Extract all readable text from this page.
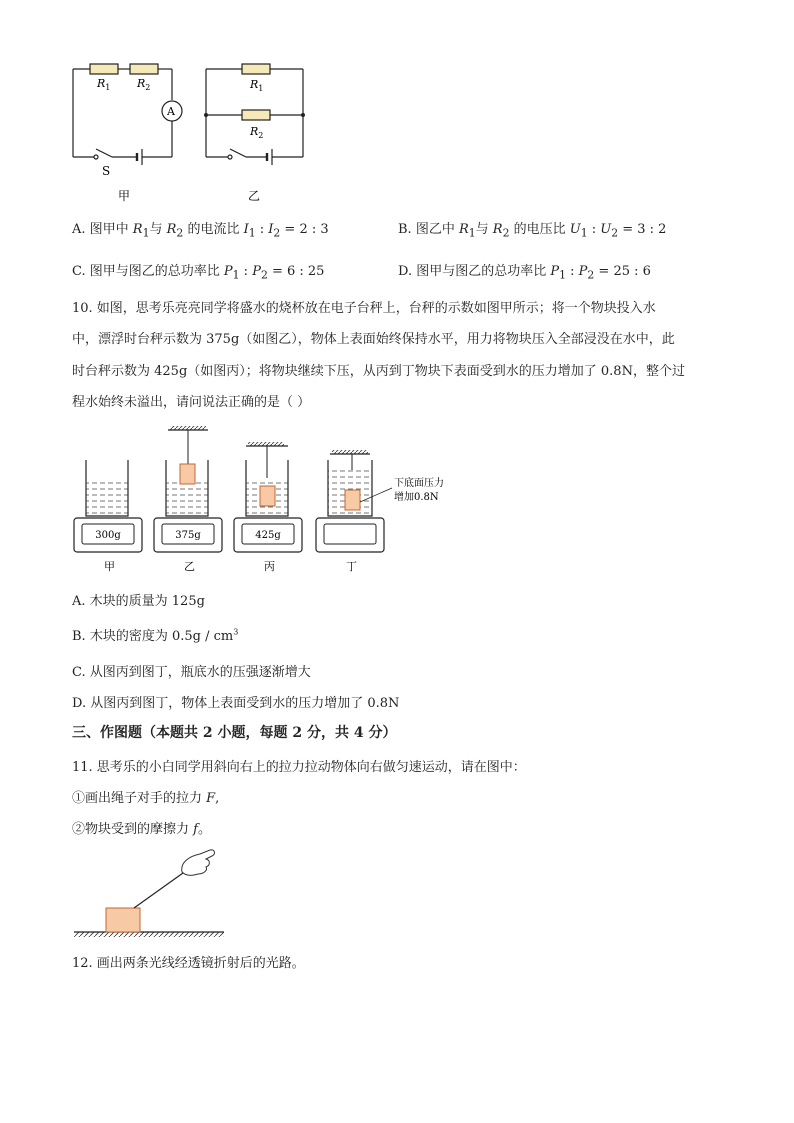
$R_1$ $R_2$
A
S
甲
$R_1$
$R_2$
乙
A. 图甲中 $R_1$与 $R_2$ 的电流比 $I_1$ : $I_2 = 2$ : 3	B. 图乙中 $R_1$与 $R_2$ 的电压比 $U_1$ : $U_2 = 3$ : 2
C. 图甲与图乙的总功率比 $P_1$ : $P_2 = 6$ : 25	D. 图甲与图乙的总功率比 $P_1$ : $P_2 = 25$ : 6
10. 如图，思考乐亮亮同学将盛水的烧杯放在电子台秤上，台秤的示数如图甲所示；将一个物块投入水
中，漂浮时台秤示数为 375g（如图乙），物体上表面始终保持水平，用力将物块压入全部浸没在水中，此
时台秤示数为 425g（如图丙）；将物块继续下压，从丙到丁物块下表面受到水的压力增加了 0.8N，整个过
程水始终未溢出，请问说法正确的是（ ）
300g
甲
375g
乙
425g
丙	丁
下底面压力
增加0.8N
A. 木块的质量为 125g
B. 木块的密度为 $0.5g / cm^3$
C. 从图丙到图丁，瓶底水的压强逐渐增大
D. 从图丙到图丁，物体上表面受到水的压力增加了 0.8N
三、作图题（本题共 2 小题，每题 2 分，共 4 分）
11. 思考乐的小白同学用斜向右上的拉力拉动物体向右做匀速运动，请在图中：
①画出绳子对手的拉力 F,
②物块受到的摩擦力 f。
12. 画出两条光线经透镜折射后的光路。
